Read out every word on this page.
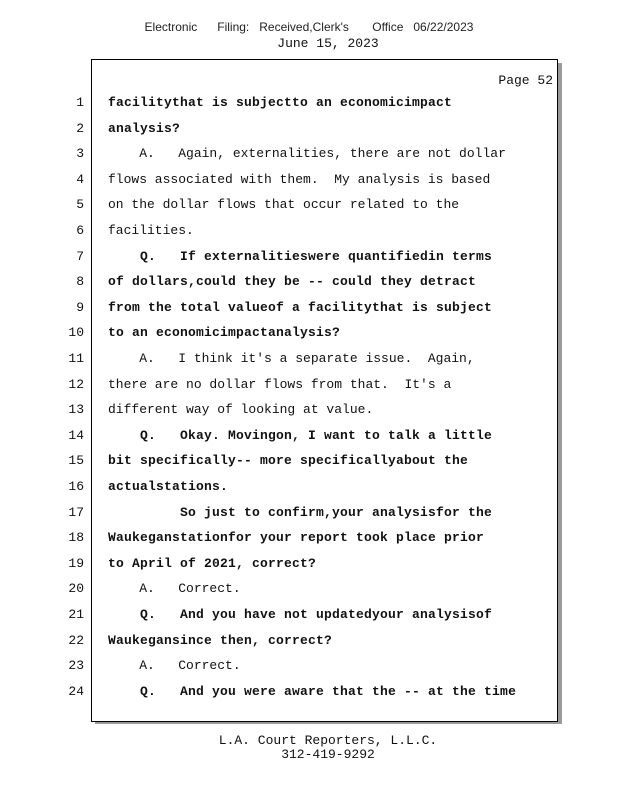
Electronic      Filing:   Received,Clerk's       Office   06/22/2023
June 15, 2023
Page 52
1 facilitythat is subjectto an economicimpact
2 analysis?
3 A.   Again, externalities, there are not dollar
4 flows associated with them.  My analysis is based
5 on the dollar flows that occur related to the
6 facilities.
7 Q.   If externalitieswere quantifiedin terms
8 of dollars,could they be -- could they detract
9 from the total valueof a facilitythat is subject
10 to an economicimpactanalysis?
11 A.   I think it's a separate issue.  Again,
12 there are no dollar flows from that.  It's a
13 different way of looking at value.
14 Q.   Okay. Movingon, I want to talk a little
15 bit specifically-- more specificallyabout the
16 actualstations.
17 So just to confirm,your analysisfor the
18 Waukeganstationfor your report took place prior
19 to April of 2021, correct?
20 A.   Correct.
21 Q.   And you have not updatedyour analysisof
22 Waukegansince then, correct?
23 A.   Correct.
24 Q.   And you were aware that the -- at the time
L.A. Court Reporters, L.L.C.
312-419-9292
